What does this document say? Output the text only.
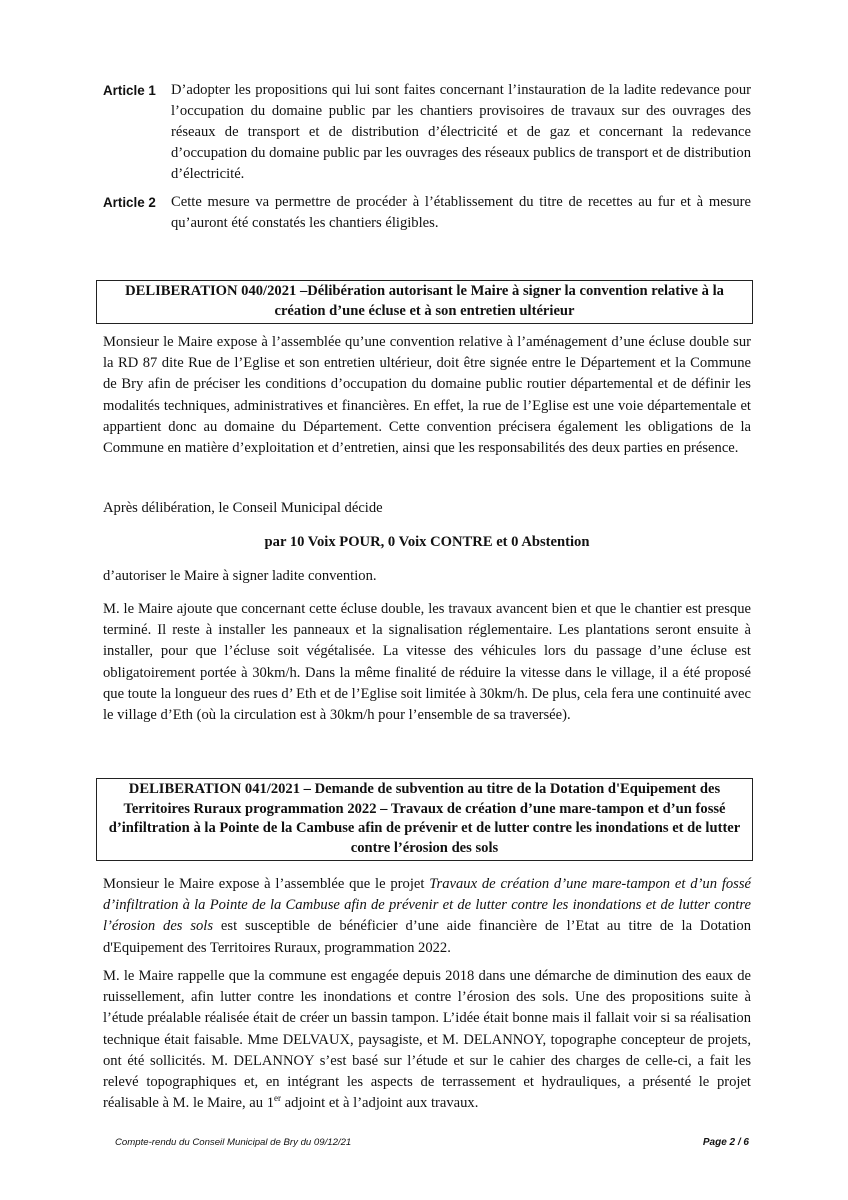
Article 1	D’adopter les propositions qui lui sont faites concernant l’instauration de la ladite redevance pour l’occupation du domaine public par les chantiers provisoires de travaux sur des ouvrages des réseaux de transport et de distribution d’électricité et de gaz et concernant la redevance d’occupation du domaine public par les ouvrages des réseaux publics de transport et de distribution d’électricité.
Article 2	Cette mesure va permettre de procéder à l’établissement du titre de recettes au fur et à mesure qu’auront été constatés les chantiers éligibles.
DELIBERATION 040/2021 –Délibération autorisant le Maire à signer la convention relative à la création d’une écluse et à son entretien ultérieur

Monsieur le Maire expose à l’assemblée qu’une convention relative à l’aménagement d’une écluse double sur la RD 87 dite Rue de l’Eglise et son entretien ultérieur, doit être signée entre le Département et la Commune de Bry afin de préciser les conditions d’occupation du domaine public routier départemental et de définir les modalités techniques, administratives et financières. En effet, la rue de l’Eglise est une voie départementale et appartient donc au domaine du Département. Cette convention précisera également les obligations de la Commune en matière d’exploitation et d’entretien, ainsi que les responsabilités des deux parties en présence.

Après délibération, le Conseil Municipal décide

par 10 Voix POUR, 0 Voix CONTRE et 0 Abstention

d’autoriser le Maire à signer ladite convention.

M. le Maire ajoute que concernant cette écluse double, les travaux avancent bien et que le chantier est presque terminé. Il reste à installer les panneaux et la signalisation réglementaire. Les plantations seront ensuite à installer, pour que l’écluse soit végétalisée. La vitesse des véhicules lors du passage d’une écluse est obligatoirement portée à 30km/h. Dans la même finalité de réduire la vitesse dans le village, il a été proposé que toute la longueur des rues d’ Eth et de l’Eglise soit limitée à 30km/h. De plus, cela fera une continuité avec le village d’Eth (où la circulation est à 30km/h pour l’ensemble de sa traversée).

DELIBERATION 041/2021 – Demande de subvention au titre de la Dotation d'Equipement des Territoires Ruraux programmation 2022 – Travaux de création d’une mare-tampon et d’un fossé d’infiltration à la Pointe de la Cambuse afin de prévenir et de lutter contre les inondations et de lutter contre l’érosion des sols

Monsieur le Maire expose à l’assemblée que le projet Travaux de création d’une mare-tampon et d’un fossé d’infiltration à la Pointe de la Cambuse afin de prévenir et de lutter contre les inondations et de lutter contre l’érosion des sols est susceptible de bénéficier d’une aide financière de l’Etat au titre de la Dotation d'Equipement des Territoires Ruraux, programmation 2022.

M. le Maire rappelle que la commune est engagée depuis 2018 dans une démarche de diminution des eaux de ruissellement, afin lutter contre les inondations et contre l’érosion des sols. Une des propositions suite à l’étude préalable réalisée était de créer un bassin tampon. L’idée était bonne mais il fallait voir si sa réalisation technique était faisable. Mme DELVAUX, paysagiste, et M. DELANNOY, topographe concepteur de projets, ont été sollicités. M. DELANNOY s’est basé sur l’étude et sur le cahier des charges de celle-ci, a fait les relevé topographiques et, en intégrant les aspects de terrassement et hydrauliques, a présenté le projet réalisable à M. le Maire, au 1er adjoint et à l’adjoint aux travaux.

Compte-rendu du Conseil Municipal de Bry du 09/12/21	Page 2 / 6
